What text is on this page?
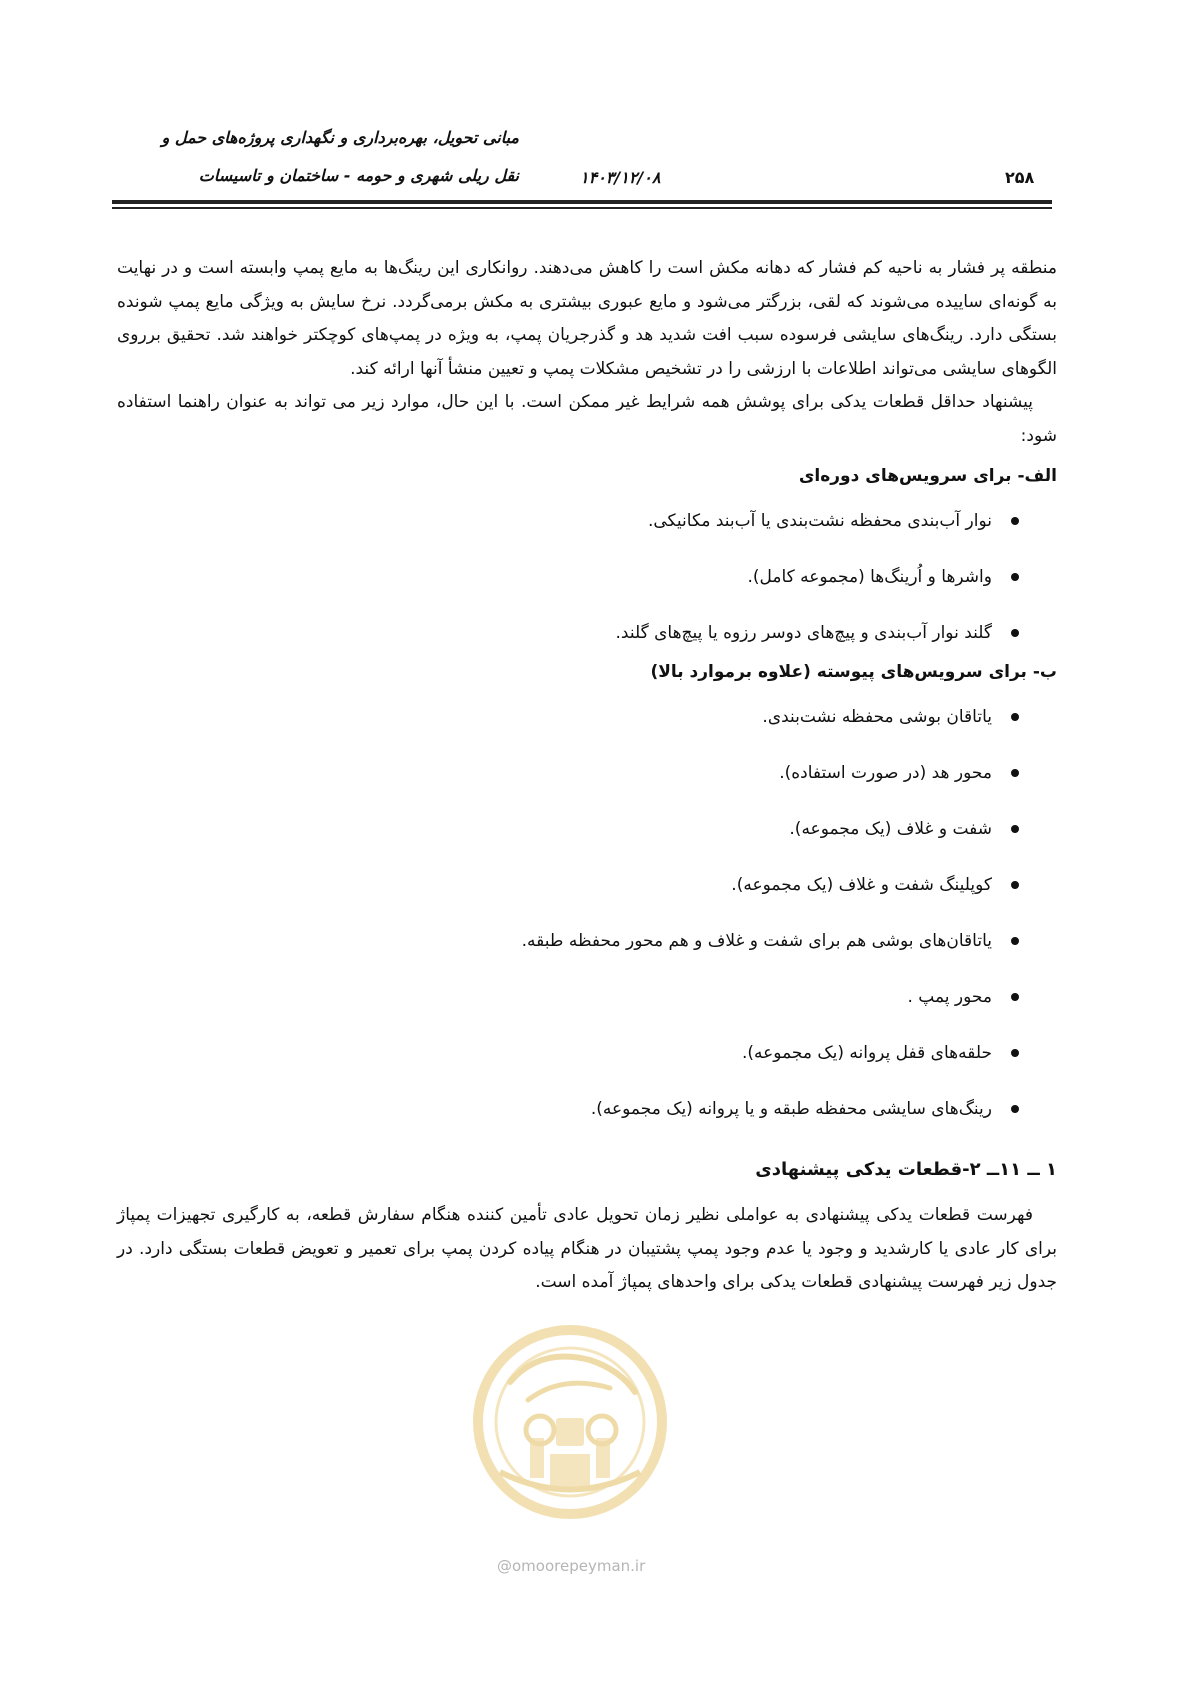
مبانی تحویل، بهره‌برداری و نگهداری پروژه‌های حمل و
نقل ریلی شهری و حومه - ساختمان و تاسیسات	۱۴۰۳/۱۲/۰۸	۲۵۸

منطقه پر فشار به ناحیه کم فشار که دهانه مکش است را کاهش می‌دهند. روانکاری این رینگ‌ها به مایع پمپ وابسته است و در نهایت به گونه‌ای ساییده می‌شوند که لقی، بزرگتر می‌شود و مایع عبوری بیشتری به مکش برمی‌گردد. نرخ سایش به ویژگی مایع پمپ شونده بستگی دارد. رینگ‌های سایشی فرسوده سبب افت شدید هد و گذرجریان پمپ، به ویژه در پمپ‌های کوچکتر خواهند شد. تحقیق برروی الگوهای سایشی می‌تواند اطلاعات با ارزشی را در تشخیص مشکلات پمپ و تعیین منشأ آنها ارائه کند.

پیشنهاد حداقل قطعات یدکی برای پوشش همه شرایط غیر ممکن است. با این حال، موارد زیر می تواند به عنوان راهنما استفاده شود:

الف- برای سرویس‌های دوره‌ای
نوار آب‌بندی محفظه نشت‌بندی یا آب‌بند مکانیکی.
واشرها و اُرینگ‌ها (مجموعه کامل).
گلند نوار آب‌بندی و پیچ‌های دوسر رزوه یا پیچ‌های گلند.
ب- برای سرویس‌های پیوسته (علاوه برموارد بالا)
یاتاقان بوشی محفظه نشت‌بندی.
محور هد (در صورت استفاده).
شفت و غلاف (یک مجموعه).
کوپلینگ شفت و غلاف (یک مجموعه).
یاتاقان‌های بوشی هم برای شفت و غلاف و هم محور محفظه طبقه.
محور پمپ .
حلقه‌های قفل پروانه (یک مجموعه).
رینگ‌های سایشی محفظه طبقه و یا پروانه (یک مجموعه).
۱ ــ ۱۱ــ ۲-قطعات یدکی پیشنهادی

فهرست قطعات یدکی پیشنهادی به عواملی نظیر زمان تحویل عادی تأمین کننده هنگام سفارش قطعه، به کارگیری تجهیزات پمپاژ برای کار عادی یا کارشدید و وجود یا عدم وجود پمپ پشتیبان در هنگام پیاده کردن پمپ برای تعمیر و تعویض قطعات بستگی دارد. در جدول زیر فهرست پیشنهادی قطعات یدکی برای واحدهای پمپاژ آمده است.

@omoorepeyman.ir
